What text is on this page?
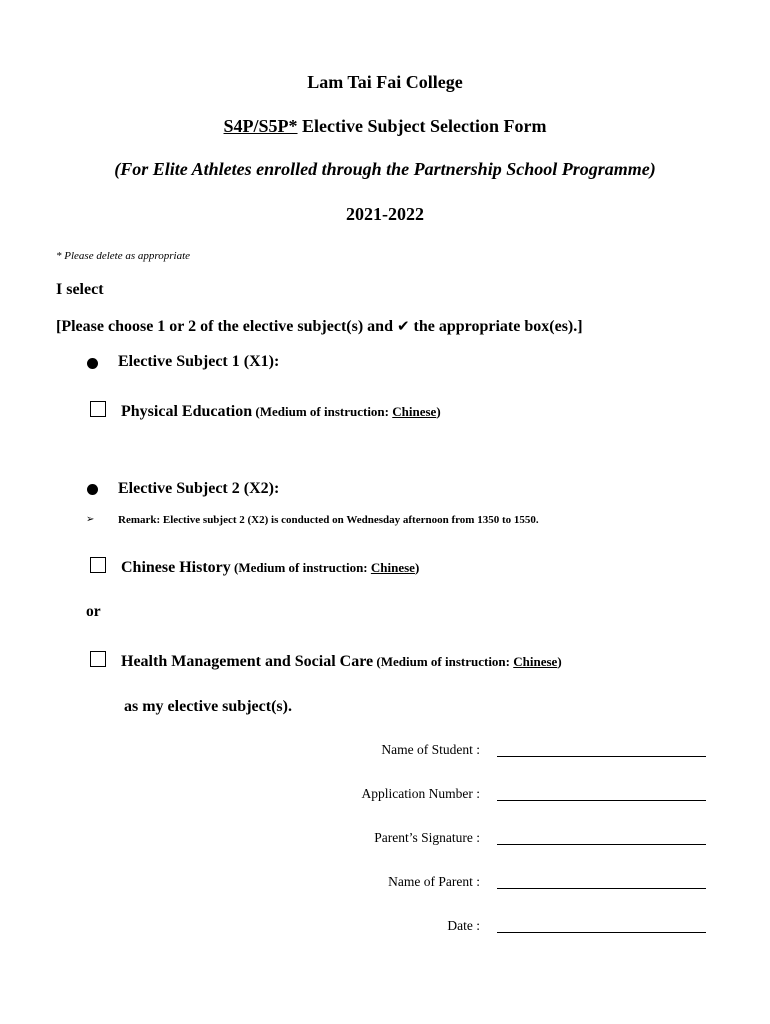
Lam Tai Fai College
S4P/S5P* Elective Subject Selection Form
(For Elite Athletes enrolled through the Partnership School Programme)
2021-2022
* Please delete as appropriate
I select
[Please choose 1 or 2 of the elective subject(s) and ✔ the appropriate box(es).]
Elective Subject 1 (X1):
Physical Education (Medium of instruction: Chinese)
Elective Subject 2 (X2):
➢ Remark: Elective subject 2 (X2) is conducted on Wednesday afternoon from 1350 to 1550.
Chinese History (Medium of instruction: Chinese)
or
Health Management and Social Care (Medium of instruction: Chinese)
as my elective subject(s).
Name of Student :
Application Number :
Parent’s Signature :
Name of Parent :
Date :
